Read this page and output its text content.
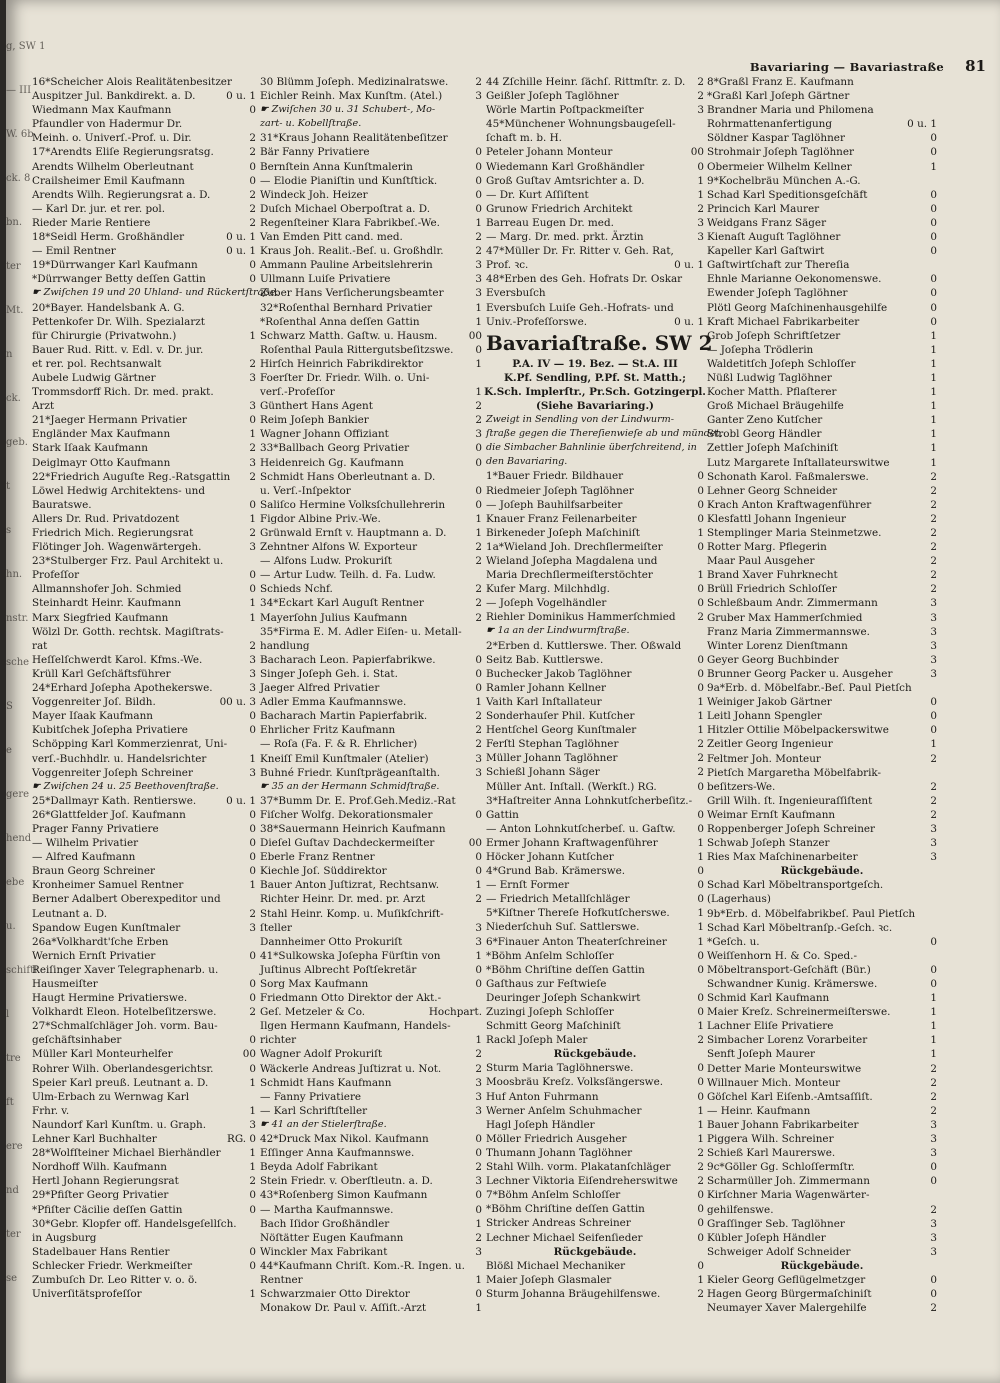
g, SW 1
— III
W. 6b
ck. 8
bn.
ter
Mt.
n
ck.
geb.
t
s
hn.
nstr.
sche
S
e
gere
hend
ebe
u.
schiftl
l
tre
ft
ere
nd
ter
se
Bavariaring — Bavariastraße 81
16*Scheicher Alois Realitätenbesitzer
Auspitzer Jul. Bankdirekt. a. D.	0 u. 1
Wiedmann Max Kaufmann	0
Pfaundler von Hadermur Dr.
Meinh. o. Univerſ.-Prof. u. Dir.	2
17*Arendts Eliſe Regierungsratsg.	2
Arendts Wilhelm Oberleutnant	0
Crailsheimer Emil Kaufmann	0
Arendts Wilh. Regierungsrat a. D.	2
— Karl Dr. jur. et rer. pol.	2
Rieder Marie Rentiere	2
18*Seidl Herm. Großhändler	0 u. 1
— Emil Rentner	0 u. 1
19*Dürrwanger Karl Kaufmann	0
*Dürrwanger Betty deſſen Gattin	0
☛ Zwiſchen 19 und 20 Uhland- und Rückertſtraße.
20*Bayer. Handelsbank A. G.
Pettenkofer Dr. Wilh. Spezialarzt
für Chirurgie (Privatwohn.)	1
Bauer Rud. Ritt. v. Edl. v. Dr. jur.
et rer. pol. Rechtsanwalt	2
Aubele Ludwig Gärtner	3
Trommsdorff Rich. Dr. med. prakt.
Arzt	3
21*Jaeger Hermann Privatier	0
Engländer Max Kaufmann	1
Stark Iſaak Kaufmann	2
Deiglmayr Otto Kaufmann	3
22*Friedrich Auguſte Reg.-Ratsgattin	2
Löwel Hedwig Architektens- und
Bauratswe.	0
Allers Dr. Rud. Privatdozent	1
Friedrich Mich. Regierungsrat	2
Flötinger Joh. Wagenwärtergeh.	3
23*Stulberger Frz. Paul Architekt u.
Profeſſor	0
Allmannshofer Joh. Schmied	0
Steinhardt Heinr. Kaufmann	1
Marx Siegfried Kaufmann	1
Wölzl Dr. Gotth. rechtsk. Magiſtrats-
rat	2
Heſſelſchwerdt Karol. Kfms.-We.	3
Krüll Karl Geſchäftsführer	3
24*Erhard Joſepha Apothekerswe.	3
Voggenreiter Joſ. Bildh.	00 u. 3
Mayer Iſaak Kaufmann	0
Kubitſchek Joſepha Privatiere	0
Schöpping Karl Kommerzienrat, Uni-
verſ.-Buchhdlr. u. Handelsrichter	1
Voggenreiter Joſeph Schreiner	3
☛ Zwiſchen 24 u. 25 Beethovenſtraße.
25*Dallmayr Kath. Rentierswe.	0 u. 1
26*Glattfelder Joſ. Kaufmann	0
Prager Fanny Privatiere	0
— Wilhelm Privatier	0
— Alfred Kaufmann	0
Braun Georg Schreiner	0
Kronheimer Samuel Rentner	1
Berner Adalbert Oberexpeditor und
Leutnant a. D.	2
Spandow Eugen Kunſtmaler	3
26a*Volkhardt'ſche Erben
Wernich Ernſt Privatier	0
Reiſinger Xaver Telegraphenarb. u.
Hausmeiſter	0
Haugt Hermine Privatierswe.	0
Volkhardt Eleon. Hotelbeſitzerswe.	2
27*Schmalſchläger Joh. vorm. Bau-
geſchäftsinhaber	0
Müller Karl Monteurhelfer	00
Rohrer Wilh. Oberlandesgerichtsr.	0
Speier Karl preuß. Leutnant a. D.	1
Ulm-Erbach zu Wernwag Karl
Frhr. v.	1
Naundorf Karl Kunſtm. u. Graph.	3
Lehner Karl Buchhalter	RG. 0
28*Wolfſteiner Michael Bierhändler	1
Nordhoff Wilh. Kaufmann	1
Hertl Johann Regierungsrat	2
29*Pfiſter Georg Privatier	0
*Pfiſter Cäcilie deſſen Gattin	0
30*Gebr. Klopfer off. Handelsgeſellſch.
in Augsburg
Stadelbauer Hans Rentier	0
Schlecker Friedr. Werkmeiſter	0
Zumbuſch Dr. Leo Ritter v. o. ö.
Univerſitätsprofeſſor	1
30 Blümm Joſeph. Medizinalratswe.	2
Eichler Reinh. Max Kunſtm. (Atel.)	3
☛ Zwiſchen 30 u. 31 Schubert-, Mo-
zart- u. Kobellſtraße.
31*Kraus Johann Realitätenbeſitzer
Bär Fanny Privatiere	0
Bernſtein Anna Kunſtmalerin	0
— Elodie Pianiſtin und Kunſtſtick.	0
Windeck Joh. Heizer	0
Duſch Michael Oberpoſtrat a. D.	0
Regenſteiner Klara Fabrikbeſ.-We.	1
Van Emden Pitt cand. med.	2
Kraus Joh. Realit.-Beſ. u. Großhdlr.	2
Ammann Pauline Arbeitslehrerin	3
Ullmann Luiſe Privatiere	3
Zuber Hans Verſicherungsbeamter	3
32*Roſenthal Bernhard Privatier	1
*Roſenthal Anna deſſen Gattin	1
Schwarz Matth. Gaſtw. u. Hausm.	00
Roſenthal Paula Rittergutsbeſitzswe.	0
Hirſch Heinrich Fabrikdirektor	1
Foerſter Dr. Friedr. Wilh. o. Uni-
verſ.-Profeſſor	1
Günthert Hans Agent	2
Reim Joſeph Bankier	2
Wagner Johann Offiziant	3
33*Ballbach Georg Privatier	0
Heidenreich Gg. Kaufmann	0
Schmidt Hans Oberleutnant a. D.
u. Verſ.-Inſpektor	0
Saliſco Hermine Volksſchullehrerin	0
Figdor Albine Priv.-We.	1
Grünwald Ernſt v. Hauptmann a. D.	1
Zehntner Alfons W. Exporteur	2
— Alfons Ludw. Prokuriſt	2
— Artur Ludw. Teilh. d. Fa. Ludw.
Schieds Nchf.	2
34*Eckart Karl Auguſt Rentner	2
Mayerſohn Julius Kaufmann	2
35*Firma E. M. Adler Eiſen- u. Metall-
handlung
Bacharach Leon. Papierfabrikwe.	0
Singer Joſeph Geh. i. Stat.	0
Jaeger Alfred Privatier	0
Adler Emma Kaufmannswe.	1
Bacharach Martin Papierfabrik.	2
Ehrlicher Fritz Kaufmann	2
— Roſa (Fa. F. & R. Ehrlicher)	2
Kneiſſ Emil Kunſtmaler (Atelier)	3
Buhné Friedr. Kunſtprägeanſtalth.	3
☛ 35 an der Hermann Schmidſtraße.
37*Bumm Dr. E. Prof.Geh.Mediz.-Rat
Fiſcher Wolfg. Dekorationsmaler	0
38*Sauermann Heinrich Kaufmann
Dieſel Guſtav Dachdeckermeiſter	00
Eberle Franz Rentner	0
Kiechle Joſ. Süddirektor	0
Bauer Anton Juſtizrat, Rechtsanw.	1
Richter Heinr. Dr. med. pr. Arzt	2
Stahl Heinr. Komp. u. Muſikſchrift-
ſteller	3
Dannheimer Otto Prokuriſt	3
41*Sulkowska Joſepha Fürſtin von	1
Juſtinus Albrecht Poſtſekretär	0
Sorg Max Kaufmann	0
Friedmann Otto Direktor der Akt.-
Geſ. Metzeler & Co.	Hochpart.
Ilgen Hermann Kaufmann, Handels-
richter	1
Wagner Adolf Prokuriſt	2
Wäckerle Andreas Juſtizrat u. Not.	2
Schmidt Hans Kaufmann	3
— Fanny Privatiere	3
— Karl Schriftſteller	3
☛ 41 an der Stielerſtraße.
42*Druck Max Nikol. Kaufmann	0
Eſſinger Anna Kaufmannswe.	0
Beyda Adolf Fabrikant	2
Stein Friedr. v. Oberſtleutn. a. D.	3
43*Roſenberg Simon Kaufmann	0
— Martha Kaufmannswe.	0
Bach Iſidor Großhändler	1
Nöſtätter Eugen Kaufmann	2
Winckler Max Fabrikant	3
44*Kaufmann Chriſt. Kom.-R. Ingen. u.
Rentner	1
Schwarzmaier Otto Direktor	0
Monakow Dr. Paul v. Aſſiſt.-Arzt	1
44 Zſchille Heinr. ſächſ. Rittmſtr. z. D.	2
Geißler Joſeph Taglöhner	2
Wörle Martin Poſtpackmeiſter	3
45*Münchener Wohnungsbaugeſell-
ſchaft m. b. H.
Peteler Johann Monteur	00
Wiedemann Karl Großhändler	0
Groß Guſtav Amtsrichter a. D.	1
— Dr. Kurt Aſſiſtent	1
Grunow Friedrich Architekt	2
Barreau Eugen Dr. med.	3
— Marg. Dr. med. prkt. Ärztin	3
47*Müller Dr. Fr. Ritter v. Geh. Rat,
Prof. ꝛc.	0 u. 1
48*Erben des Geh. Hofrats Dr. Oskar
Eversbuſch
Eversbuſch Luiſe Geh.-Hofrats- und
Univ.-Profeſſorswe.	0 u. 1
Bavariaſtraße. SW 2
P.A. IV — 19. Bez. — St.A. III
K.Pf. Sendling, P.Pf. St. Matth.;
K.Sch. Implerſtr., Pr.Sch. Gotzingerpl.
(Siehe Bavariaring.)
Zweigt in Sendling von der Lindwurm-
ſtraße gegen die Thereſienwieſe ab und mündet,
die Simbacher Bahnlinie überſchreitend, in
den Bavariaring.
1*Bauer Friedr. Bildhauer	0
Riedmeier Joſeph Taglöhner	0
— Joſeph Bauhilfsarbeiter	0
Knauer Franz Feilenarbeiter	0
Birkeneder Joſeph Maſchiniſt	1
1a*Wieland Joh. Drechſlermeiſter	0
Wieland Joſepha Magdalena und
Maria Drechſlermeiſterstöchter	1
Kufer Marg. Milchhdlg.	0
— Joſeph Vogelhändler	0
Riehler Dominikus Hammerſchmied	2
☛ 1a an der Lindwurmſtraße.
2*Erben d. Kuttlerswe. Ther. Oßwald
Seitz Bab. Kuttlerswe.	0
Buchecker Jakob Taglöhner	0
Ramler Johann Kellner	0
Vaith Karl Inſtallateur	1
Sonderhauſer Phil. Kutſcher	1
Hentſchel Georg Kunſtmaler	1
Ferſtl Stephan Taglöhner	2
Müller Johann Taglöhner	2
Schießl Johann Säger	2
Müller Ant. Inſtall. (Werkſt.) RG.	0
3*Haſtreiter Anna Lohnkutſcherbeſitz.-
Gattin	0
— Anton Lohnkutſcherbeſ. u. Gaſtw.	0
Ermer Johann Kraftwagenführer	1
Höcker Johann Kutſcher	1
4*Grund Bab. Krämerswe.	0
— Ernſt Former	0
— Friedrich Metallſchläger	0
5*Kiſtner Thereſe Hofkutſcherswe.	1
Niederſchuh Suſ. Sattlerswe.	1
6*Finauer Anton Theaterſchreiner	1
*Böhm Anſelm Schloſſer	0
*Böhm Chriſtine deſſen Gattin	0
Gaſthaus zur Feſtwieſe
Deuringer Joſeph Schankwirt	0
Zuzingi Joſeph Schloſſer	0
Schmitt Georg Maſchiniſt	1
Rackl Joſeph Maler	2
Rückgebäude.
Sturm Maria Taglöhnerswe.	0
Moosbräu Kreſz. Volksſängerswe.	0
Huf Anton Fuhrmann	0
Werner Anſelm Schuhmacher	1
Hagl Joſeph Händler	1
Möller Friedrich Ausgeher	1
Thumann Johann Taglöhner	2
Stahl Wilh. vorm. Plakatanſchläger	2
Lechner Viktoria Eiſendreherswitwe	2
7*Böhm Anſelm Schloſſer	0
*Böhm Chriſtine deſſen Gattin	0
Stricker Andreas Schreiner	0
Lechner Michael Seifenſieder	0
Rückgebäude.
Blößl Michael Mechaniker	0
Maier Joſeph Glasmaler	1
Sturm Johanna Bräugehilfenswe.	2
8*Graßl Franz E. Kaufmann
*Graßl Karl Joſeph Gärtner
Brandner Maria und Philomena
Rohrmattenanfertigung	0 u. 1
Söldner Kaspar Taglöhner	0
Strohmair Joſeph Taglöhner	0
Obermeier Wilhelm Kellner	1
9*Kochelbräu München A.-G.
Schad Karl Speditionsgeſchäft	0
Princich Karl Maurer	0
Weidgans Franz Säger	0
Kienaſt Auguſt Taglöhner	0
Kapeller Karl Gaſtwirt	0
Gaſtwirtſchaft zur Thereſia
Ehnle Marianne Oekonomenswe.	0
Ewender Joſeph Taglöhner	0
Plötl Georg Maſchinenhausgehilfe	0
Kraft Michael Fabrikarbeiter	0
Grob Joſeph Schriftſetzer	1
— Joſepha Trödlerin	1
Waldetitſch Joſeph Schloſſer	1
Nüßl Ludwig Taglöhner	1
Kocher Matth. Pflaſterer	1
Groß Michael Bräugehilfe	1
Ganter Zeno Kutſcher	1
Strobl Georg Händler	1
Zettler Joſeph Maſchiniſt	1
Lutz Margarete Inſtallateurswitwe	1
Schonath Karol. Faßmalerswe.	2
Lehner Georg Schneider	2
Krach Anton Kraftwagenführer	2
Klesfattl Johann Ingenieur	2
Stemplinger Maria Steinmetzwe.	2
Rotter Marg. Pflegerin	2
Maar Paul Ausgeher	2
Brand Xaver Fuhrknecht	2
Brüll Friedrich Schloſſer	2
Schleßbaum Andr. Zimmermann	3
Gruber Max Hammerſchmied	3
Franz Maria Zimmermannswe.	3
Winter Lorenz Dienſtmann	3
Geyer Georg Buchbinder	3
Brunner Georg Packer u. Ausgeher	3
9a*Erb. d. Möbelfabr.-Beſ. Paul Pietſch
Weiniger Jakob Gärtner	0
Leitl Johann Spengler	0
Hitzler Ottilie Möbelpackerswitwe	0
Zeitler Georg Ingenieur	1
Feltmer Joh. Monteur	2
Pietſch Margaretha Möbelfabrik-
beſitzers-We.	2
Grill Wilh. ſt. Ingenieuraſſiſtent	2
Weimar Ernſt Kaufmann	2
Roppenberger Joſeph Schreiner	3
Schwab Joſeph Stanzer	3
Ries Max Maſchinenarbeiter	3
Rückgebäude.
Schad Karl Möbeltransportgeſch.
(Lagerhaus)
9b*Erb. d. Möbelfabrikbeſ. Paul Pietſch
Schad Karl Möbeltranſp.-Geſch. ꝛc.
*Geſch. u.	0
Weiſſenhorn H. & Co. Sped.-
Möbeltransport-Geſchäft (Bür.)	0
Schwandner Kunig. Krämerswe.	0
Schmid Karl Kaufmann	1
Maier Kreſz. Schreinermeiſterswe.	1
Lachner Eliſe Privatiere	1
Simbacher Lorenz Vorarbeiter	1
Senft Joſeph Maurer	1
Detter Marie Monteurswitwe	2
Willnauer Mich. Monteur	2
Göſchel Karl Eiſenb.-Amtsaſſiſt.	2
— Heinr. Kaufmann	2
Bauer Johann Fabrikarbeiter	3
Piggera Wilh. Schreiner	3
Schieß Karl Maurerswe.	3
9c*Göller Gg. Schloſſermſtr.	0
Scharmüller Joh. Zimmermann	0
Kirſchner Maria Wagenwärter-
gehilfenswe.	2
Graſſinger Seb. Taglöhner	3
Kübler Joſeph Händler	3
Schweiger Adolf Schneider	3
Rückgebäude.
Kieler Georg Geflügelmetzger	0
Hagen Georg Bürgermaſchiniſt	0
Neumayer Xaver Malergehilfe	2
